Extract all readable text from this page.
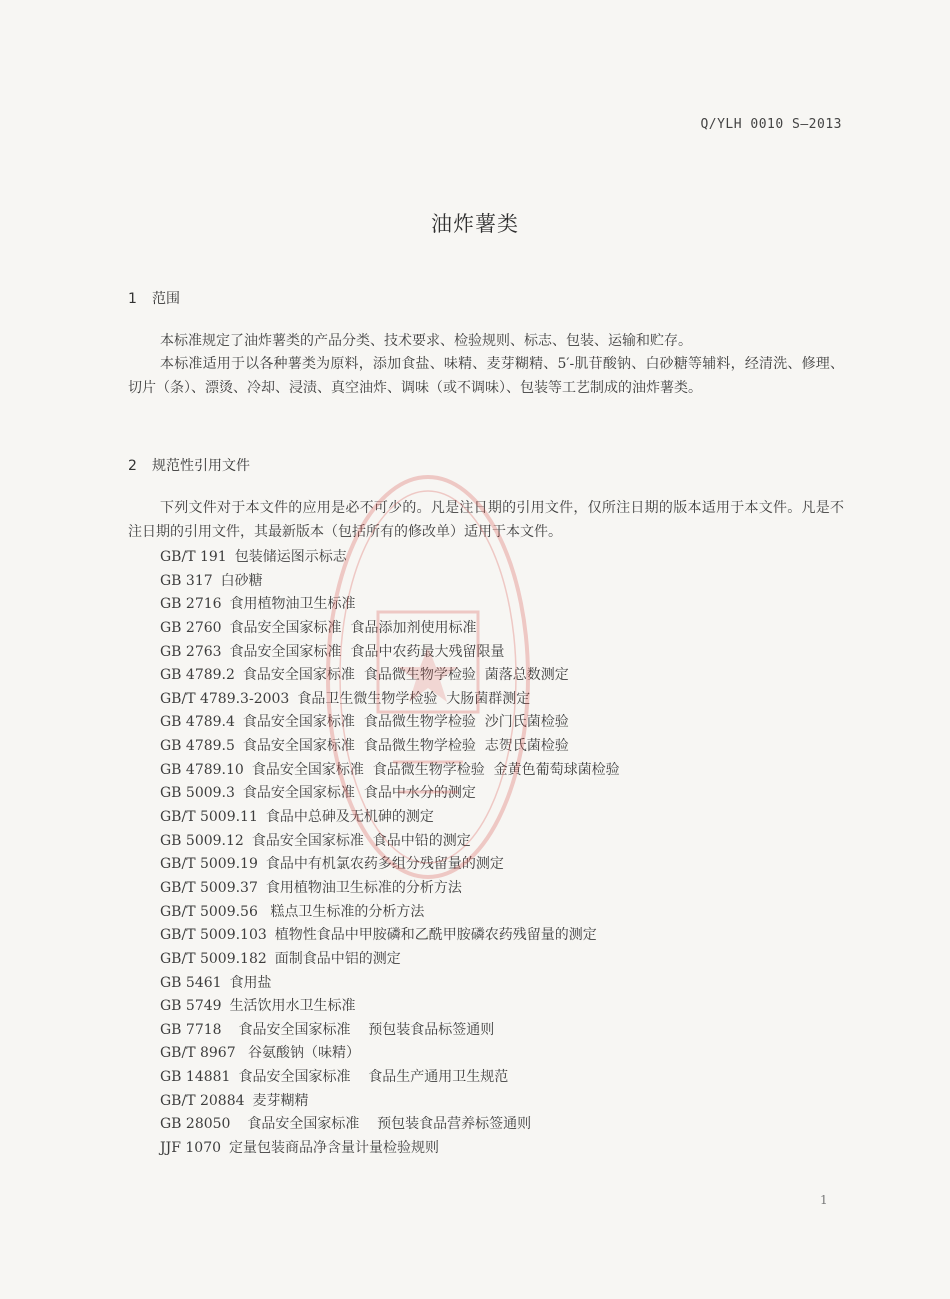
Q/YLH 0010 S—2013
油炸薯类
1 范围
本标准规定了油炸薯类的产品分类、技术要求、检验规则、标志、包装、运输和贮存。
本标准适用于以各种薯类为原料，添加食盐、味精、麦芽糊精、5′-肌苷酸钠、白砂糖等辅料，经清洗、修理、切片（条）、漂烫、冷却、浸渍、真空油炸、调味（或不调味）、包装等工艺制成的油炸薯类。
2 规范性引用文件
下列文件对于本文件的应用是必不可少的。凡是注日期的引用文件，仅所注日期的版本适用于本文件。凡是不注日期的引用文件，其最新版本（包括所有的修改单）适用于本文件。
GB/T 191 包装储运图示标志
GB 317 白砂糖
GB 2716 食用植物油卫生标准
GB 2760 食品安全国家标准  食品添加剂使用标准
GB 2763 食品安全国家标准  食品中农药最大残留限量
GB 4789.2 食品安全国家标准  食品微生物学检验  菌落总数测定
GB/T 4789.3-2003 食品卫生微生物学检验  大肠菌群测定
GB 4789.4 食品安全国家标准  食品微生物学检验  沙门氏菌检验
GB 4789.5 食品安全国家标准  食品微生物学检验  志贺氏菌检验
GB 4789.10 食品安全国家标准  食品微生物学检验  金黄色葡萄球菌检验
GB 5009.3 食品安全国家标准  食品中水分的测定
GB/T 5009.11 食品中总砷及无机砷的测定
GB 5009.12 食品安全国家标准  食品中铅的测定
GB/T 5009.19 食品中有机氯农药多组分残留量的测定
GB/T 5009.37 食用植物油卫生标准的分析方法
GB/T 5009.56 糕点卫生标准的分析方法
GB/T 5009.103 植物性食品中甲胺磷和乙酰甲胺磷农药残留量的测定
GB/T 5009.182 面制食品中铝的测定
GB 5461 食用盐
GB 5749 生活饮用水卫生标准
GB 7718  食品安全国家标准    预包装食品标签通则
GB/T 8967 谷氨酸钠（味精）
GB 14881 食品安全国家标准    食品生产通用卫生规范
GB/T 20884 麦芽糊精
GB 28050  食品安全国家标准    预包装食品营养标签通则
JJF 1070 定量包装商品净含量计量检验规则
1
